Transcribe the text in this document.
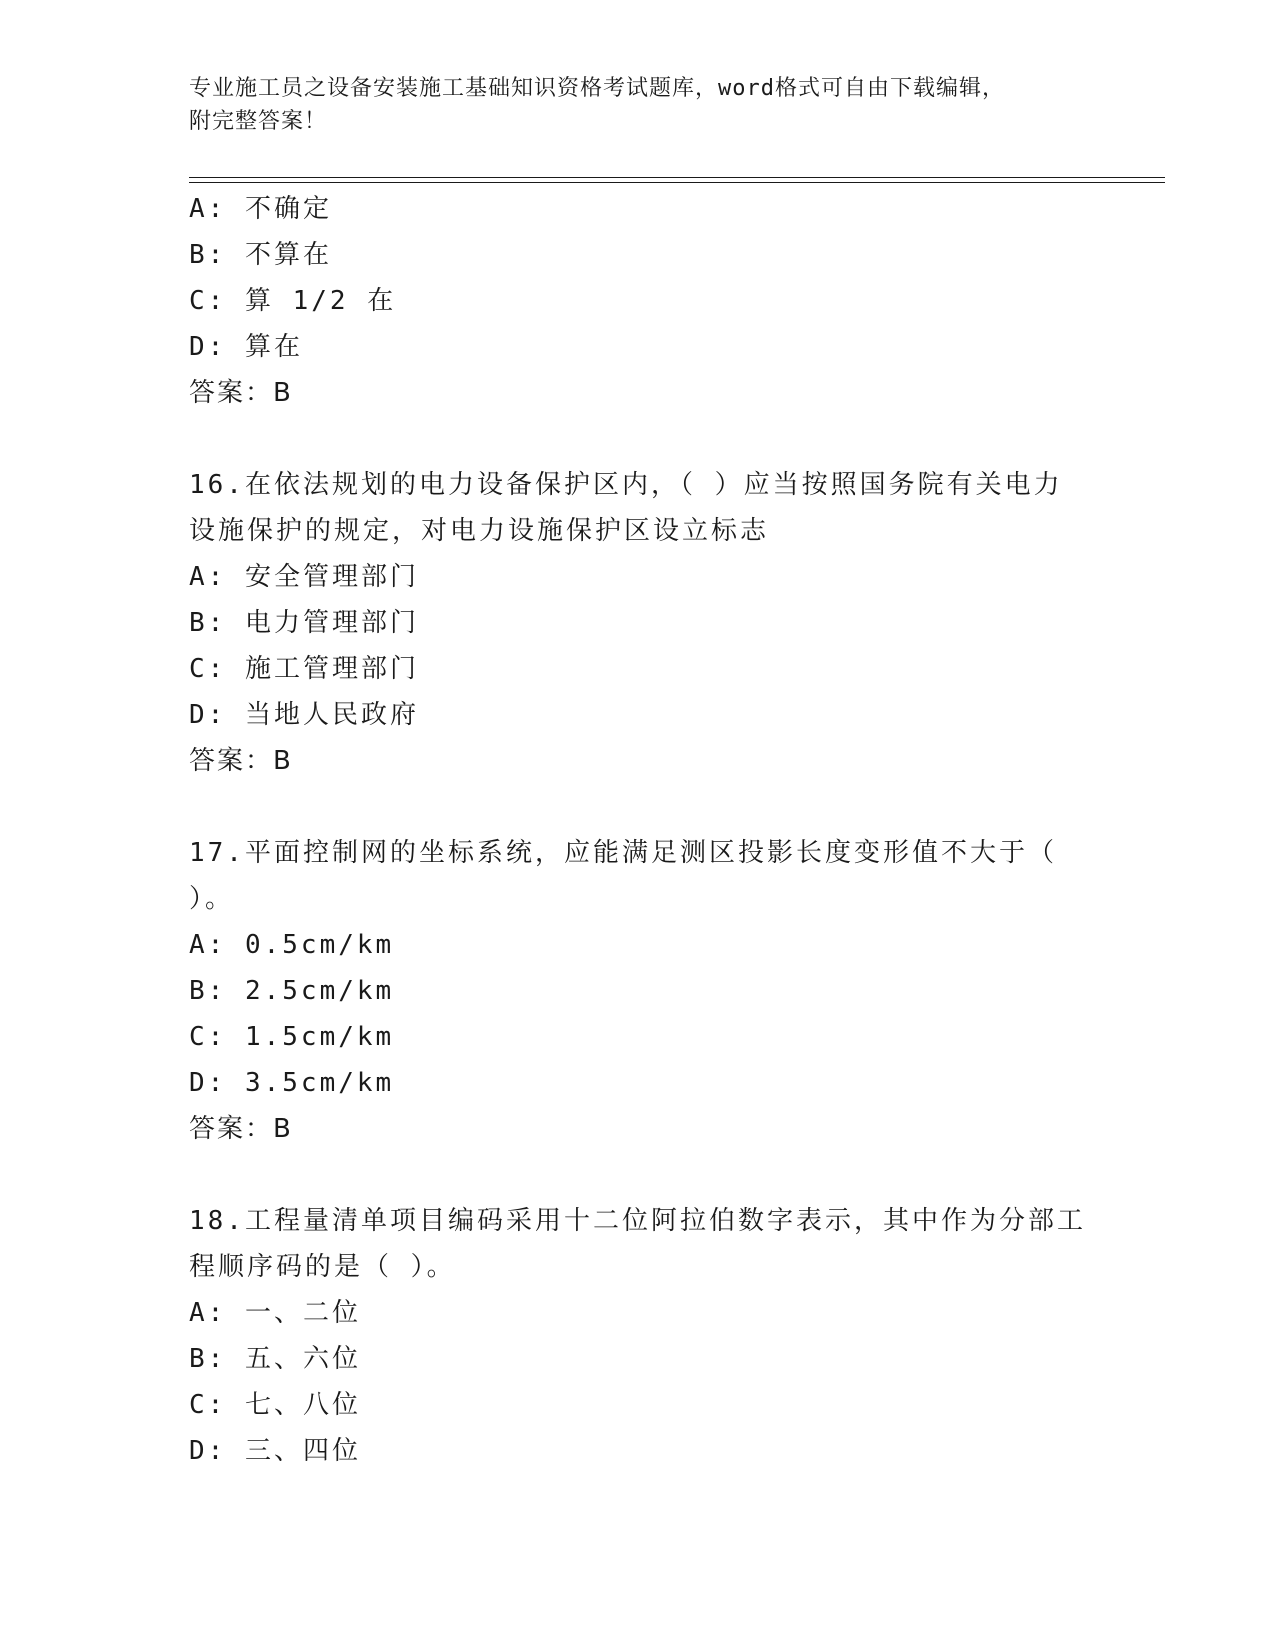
专业施工员之设备安装施工基础知识资格考试题库，word格式可自由下载编辑，
附完整答案！
A: 不确定
B: 不算在
C: 算 1/2 在
D: 算在
答案：B
16.在依法规划的电力设备保护区内，（ ）应当按照国务院有关电力
设施保护的规定，对电力设施保护区设立标志
A: 安全管理部门
B: 电力管理部门
C: 施工管理部门
D: 当地人民政府
答案：B
17.平面控制网的坐标系统，应能满足测区投影长度变形值不大于（
）。
A: 0.5cm/km
B: 2.5cm/km
C: 1.5cm/km
D: 3.5cm/km
答案：B
18.工程量清单项目编码采用十二位阿拉伯数字表示，其中作为分部工
程顺序码的是（ ）。
A: 一、二位
B: 五、六位
C: 七、八位
D: 三、四位
